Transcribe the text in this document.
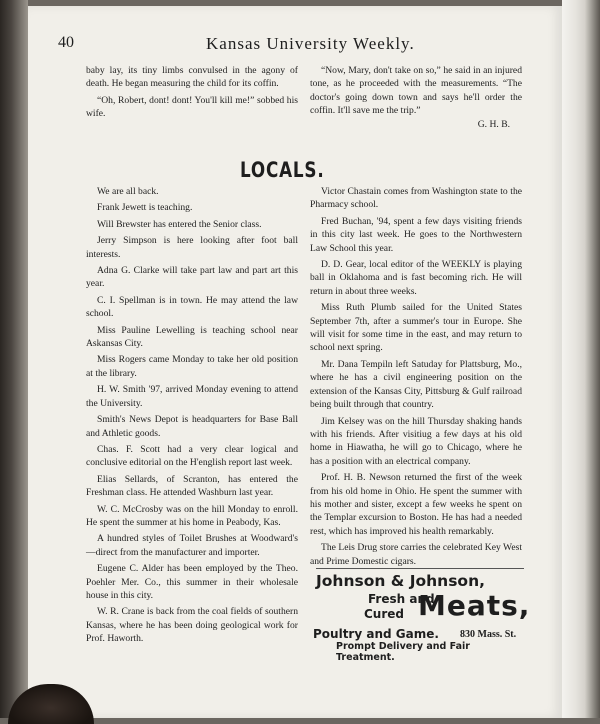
40	Kansas University Weekly.

baby lay, its tiny limbs convulsed in the agony of death. He began measuring the child for its coffin.

“Oh, Robert, dont! dont! You'll kill me!” sobbed his wife.

“Now, Mary, don't take on so,” he said in an injured tone, as he proceeded with the measurements. “The doctor's going down town and says he'll order the coffin. It'll save me the trip.”

G. H. B.
LOCALS.

We are all back.

Frank Jewett is teaching.

Will Brewster has entered the Senior class.

Jerry Simpson is here looking after foot ball interests.

Adna G. Clarke will take part law and part art this year.

C. I. Spellman is in town. He may attend the law school.

Miss Pauline Lewelling is teaching school near Askansas City.

Miss Rogers came Monday to take her old position at the library.

H. W. Smith '97, arrived Monday evening to attend the University.

Smith's News Depot is headquarters for Base Ball and Athletic goods.

Chas. F. Scott had a very clear logical and conclusive editorial on the H'english report last week.

Elias Sellards, of Scranton, has entered the Freshman class. He attended Washburn last year.

W. C. McCrosby was on the hill Monday to enroll. He spent the summer at his home in Peabody, Kas.

A hundred styles of Toilet Brushes at Woodward's—direct from the manufacturer and importer.

Eugene C. Alder has been employed by the Theo. Poehler Mer. Co., this summer in their wholesale house in this city.

W. R. Crane is back from the coal fields of southern Kansas, where he has been doing geological work for Prof. Haworth.

Victor Chastain comes from Washington state to the Pharmacy school.

Fred Buchan, '94, spent a few days visiting friends in this city last week. He goes to the Northwestern Law School this year.

D. D. Gear, local editor of the WEEKLY is playing ball in Oklahoma and is fast becoming rich. He will return in about three weeks.

Miss Ruth Plumb sailed for the United States September 7th, after a summer's tour in Europe. She will visit for some time in the east, and may return to school next spring.

Mr. Dana Tempiln left Satuday for Plattsburg, Mo., where he has a civil engineering position on the extension of the Kansas City, Pittsburg & Gulf railroad being built through that country.

Jim Kelsey was on the hill Thursday shaking hands with his friends. After visitiug a few days at his old home in Hiawatha, he will go to Chicago, where he has a position with an electrical company.

Prof. H. B. Newson returned the first of the week from his old home in Ohio. He spent the summer with his mother and sister, except a few weeks he spent on the Templar excursion to Boston. He has had a needed rest, which has improved his health remarkably.

The Leis Drug store carries the celebrated Key West and Prime Domestic cigars.

Johnson & Johnson,
Fresh and
Cured Meats,
Poultry and Game. 830 Mass. St.
Prompt Delivery and Fair Treatment.
